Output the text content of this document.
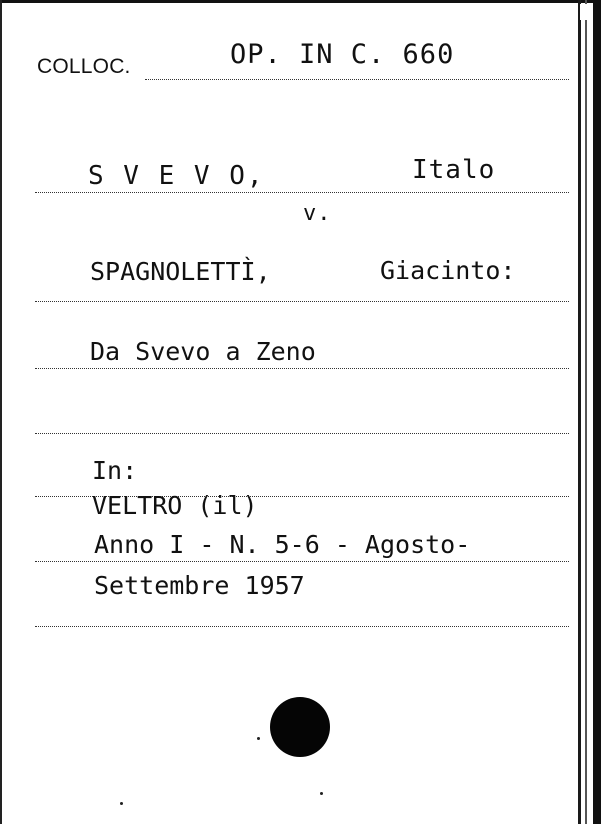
COLLOC.	OP. IN C. 660
S V E V O,	Italo
v.
SPAGNOLETTÌ,	Giacinto:
Da Svevo a Zeno
In:
VELTRO (il)
Anno I - N. 5-6 - Agosto-
Settembre 1957
